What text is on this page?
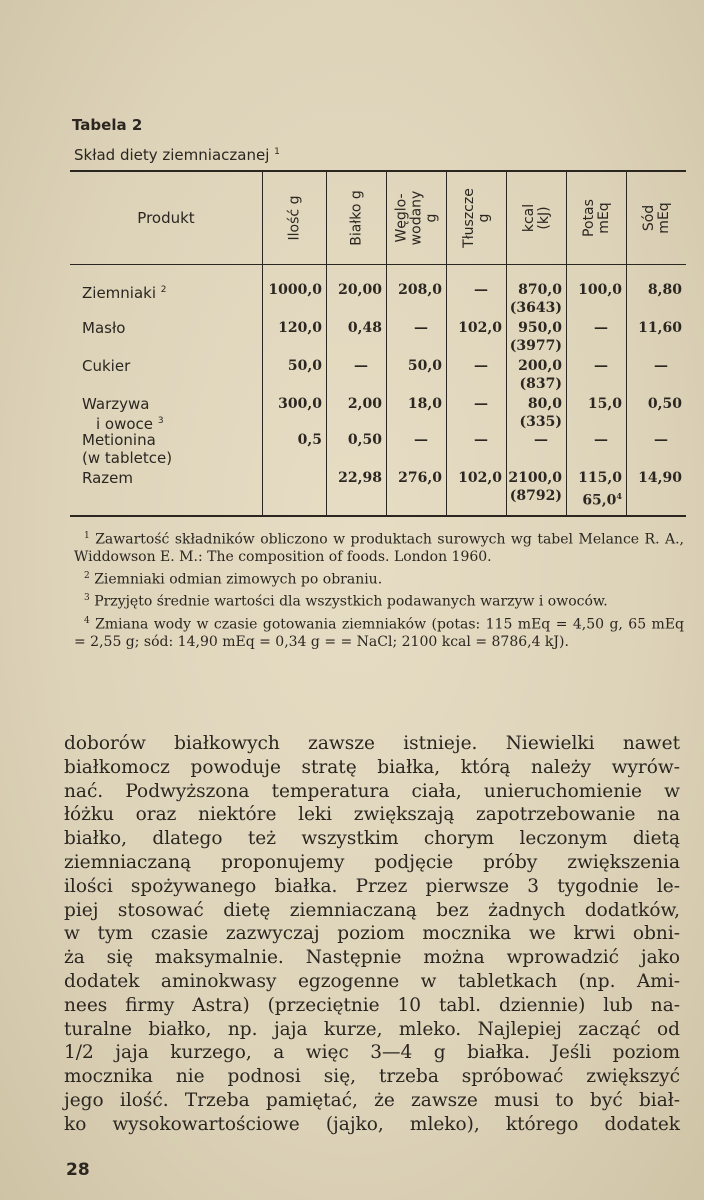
Tabela 2
Skład diety ziemniaczanej $^1$
Produkt	Ilość g	Białko g Węglo-
wodany
g Tłuszcze
g kcal
(kJ) Potas
mEq Sód
mEq
Ziemniaki $^2$
Masło
Cukier
Warzywa
i owoce $^3$
Metionina
(w tabletce)
Razem
1000,0
120,0
50,0
300,0
0,5
20,00
0,48
—
2,00
0,50
22,98
208,0
—
50,0
18,0
—
276,0
—
102,0
—
—
—
102,0
870,0
(3643)
950,0
(3977)
200,0
(837)
80,0
(335)
—
2100,0
(8792)
100,0
—
—
15,0
—
115,0
65,0$^4$
8,80
11,60
—
0,50
—
14,90

$^1$ Zawartość składników obliczono w produktach surowych wg tabel Melance R. A., Widdowson E. M.: The composition of foods. London 1960.

$^2$ Ziemniaki odmian zimowych po obraniu.

$^3$ Przyjęto średnie wartości dla wszystkich podawanych warzyw i owoców.

$^4$ Zmiana wody w czasie gotowania ziemniaków (potas: 115 mEq = 4,50 g, 65 mEq = 2,55 g; sód: 14,90 mEq = 0,34 g = = NaCl; 2100 kcal = 8786,4 kJ).

doborów białkowych zawsze istnieje. Niewielki nawet
białkomocz powoduje stratę białka, którą należy wyrów-
nać. Podwyższona temperatura ciała, unieruchomienie w
łóżku oraz niektóre leki zwiększają zapotrzebowanie na
białko, dlatego też wszystkim chorym leczonym dietą
ziemniaczaną proponujemy podjęcie próby zwiększenia
ilości spożywanego białka. Przez pierwsze 3 tygodnie le-
piej stosować dietę ziemniaczaną bez żadnych dodatków,
w tym czasie zazwyczaj poziom mocznika we krwi obni-
ża się maksymalnie. Następnie można wprowadzić jako
dodatek aminokwasy egzogenne w tabletkach (np. Ami-
nees firmy Astra) (przeciętnie 10 tabl. dziennie) lub na-
turalne białko, np. jaja kurze, mleko. Najlepiej zacząć od
1/2 jaja kurzego, a więc 3—4 g białka. Jeśli poziom
mocznika nie podnosi się, trzeba spróbować zwiększyć
jego ilość. Trzeba pamiętać, że zawsze musi to być biał-
ko wysokowartościowe (jajko, mleko), którego dodatek
28
